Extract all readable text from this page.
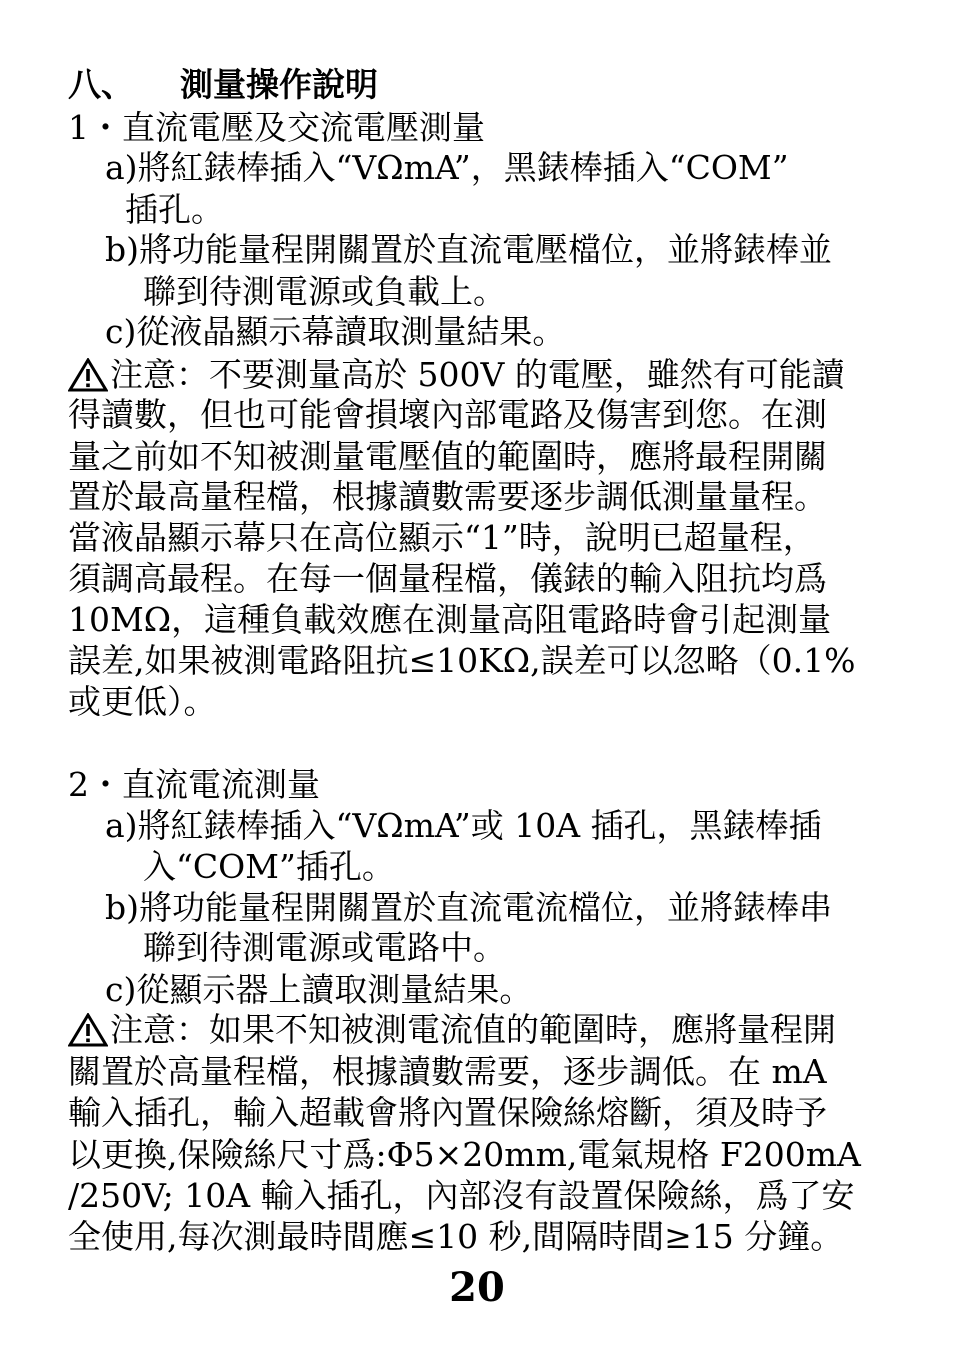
八、 測量操作說明
1・直流電壓及交流電壓測量
a)將紅錶棒插入“VΩmA”，黑錶棒插入“COM”
插孔。
b)將功能量程開關置於直流電壓檔位，並將錶棒並
聯到待測電源或負載上。
c)從液晶顯示幕讀取測量結果。
注意：不要測量高於 500V 的電壓，雖然有可能讀
得讀數，但也可能會損壞內部電路及傷害到您。在測
量之前如不知被測量電壓值的範圍時，應將最程開關
置於最高量程檔，根據讀數需要逐步調低測量量程。
當液晶顯示幕只在高位顯示“1”時，說明已超量程，
須調高最程。在每一個量程檔，儀錶的輸入阻抗均爲
10MΩ，這種負載效應在測量高阻電路時會引起測量
誤差,如果被測電路阻抗≤10KΩ,誤差可以忽略（0.1%
或更低）。
2・直流電流測量
a)將紅錶棒插入“VΩmA”或 10A 插孔，黑錶棒插
入“COM”插孔。
b)將功能量程開關置於直流電流檔位，並將錶棒串
聯到待測電源或電路中。
c)從顯示器上讀取測量結果。
注意：如果不知被測電流值的範圍時，應將量程開
關置於高量程檔，根據讀數需要，逐步調低。在 mA
輸入插孔，輸入超載會將內置保險絲熔斷，須及時予
以更換,保險絲尺寸爲:Φ5×20mm,電氣規格 F200mA
/250V; 10A 輸入插孔，內部沒有設置保險絲，爲了安
全使用,每次測最時間應≤10 秒,間隔時間≥15 分鐘。
20
